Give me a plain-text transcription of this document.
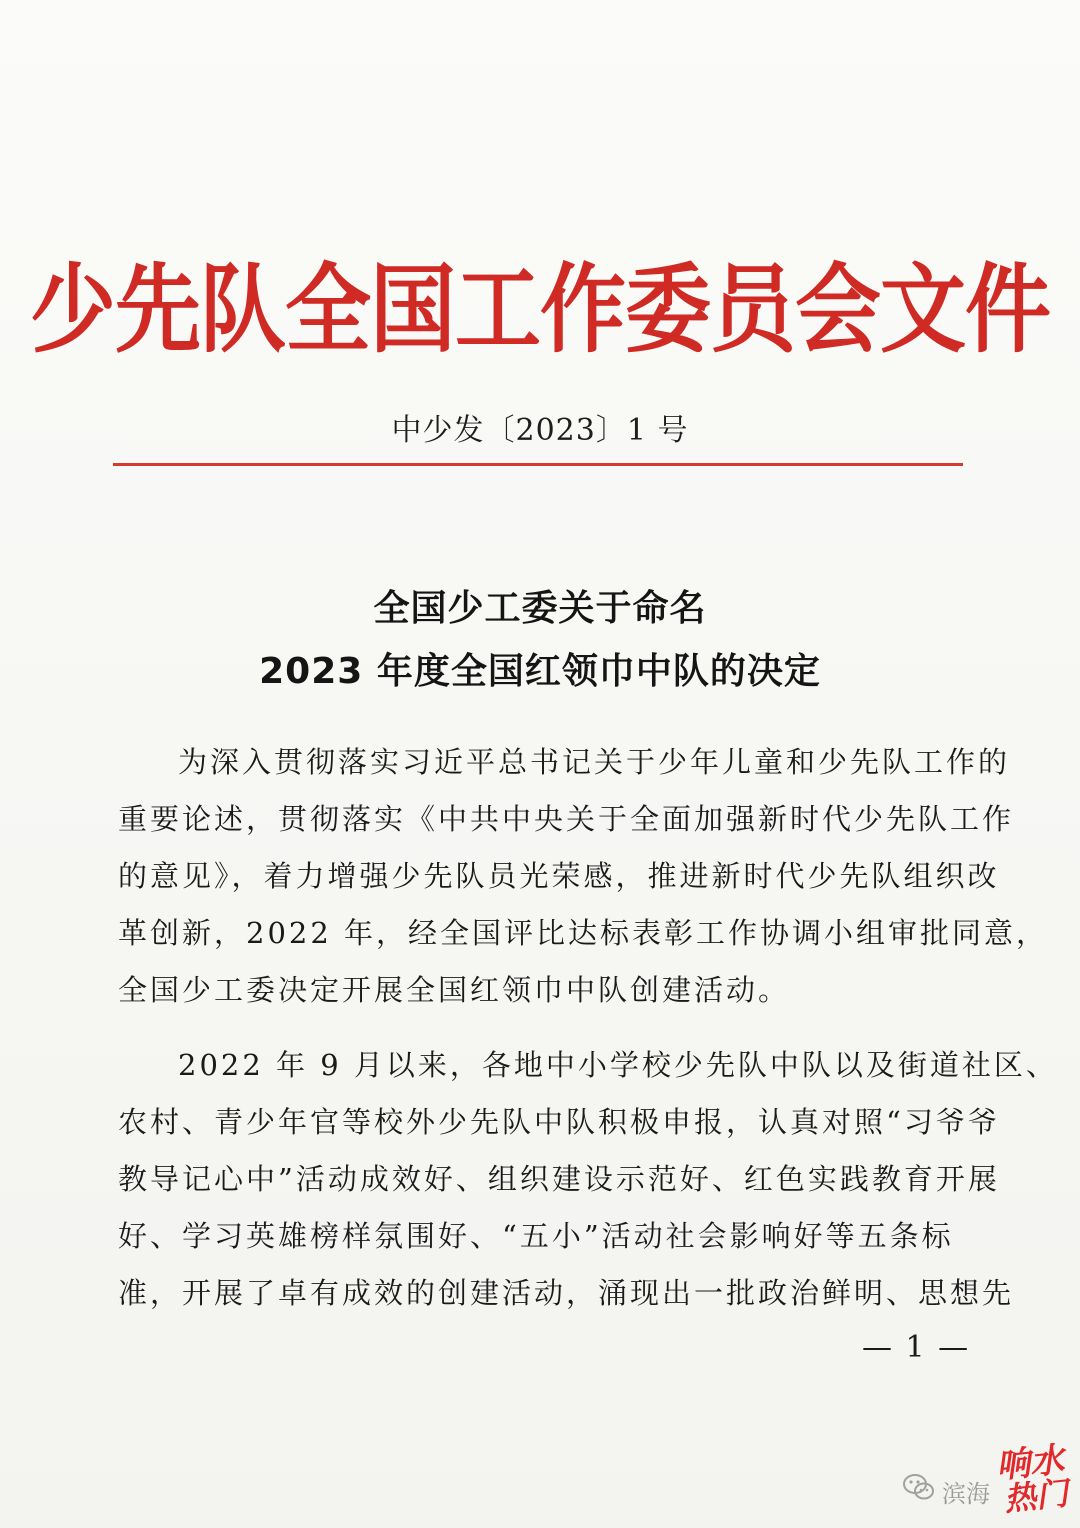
少先队全国工作委员会文件
中少发〔2023〕1 号
全国少工委关于命名
2023 年度全国红领巾中队的决定
为深入贯彻落实习近平总书记关于少年儿童和少先队工作的
重要论述，贯彻落实《中共中央关于全面加强新时代少先队工作
的意见》，着力增强少先队员光荣感，推进新时代少先队组织改
革创新，2022 年，经全国评比达标表彰工作协调小组审批同意，
全国少工委决定开展全国红领巾中队创建活动。
2022 年 9 月以来，各地中小学校少先队中队以及街道社区、
农村、青少年官等校外少先队中队积极申报，认真对照“习爷爷
教导记心中”活动成效好、组织建设示范好、红色实践教育开展
好、学习英雄榜样氛围好、“五小”活动社会影响好等五条标
准，开展了卓有成效的创建活动，涌现出一批政治鲜明、思想先
— 1 —
滨海
响水
热门
